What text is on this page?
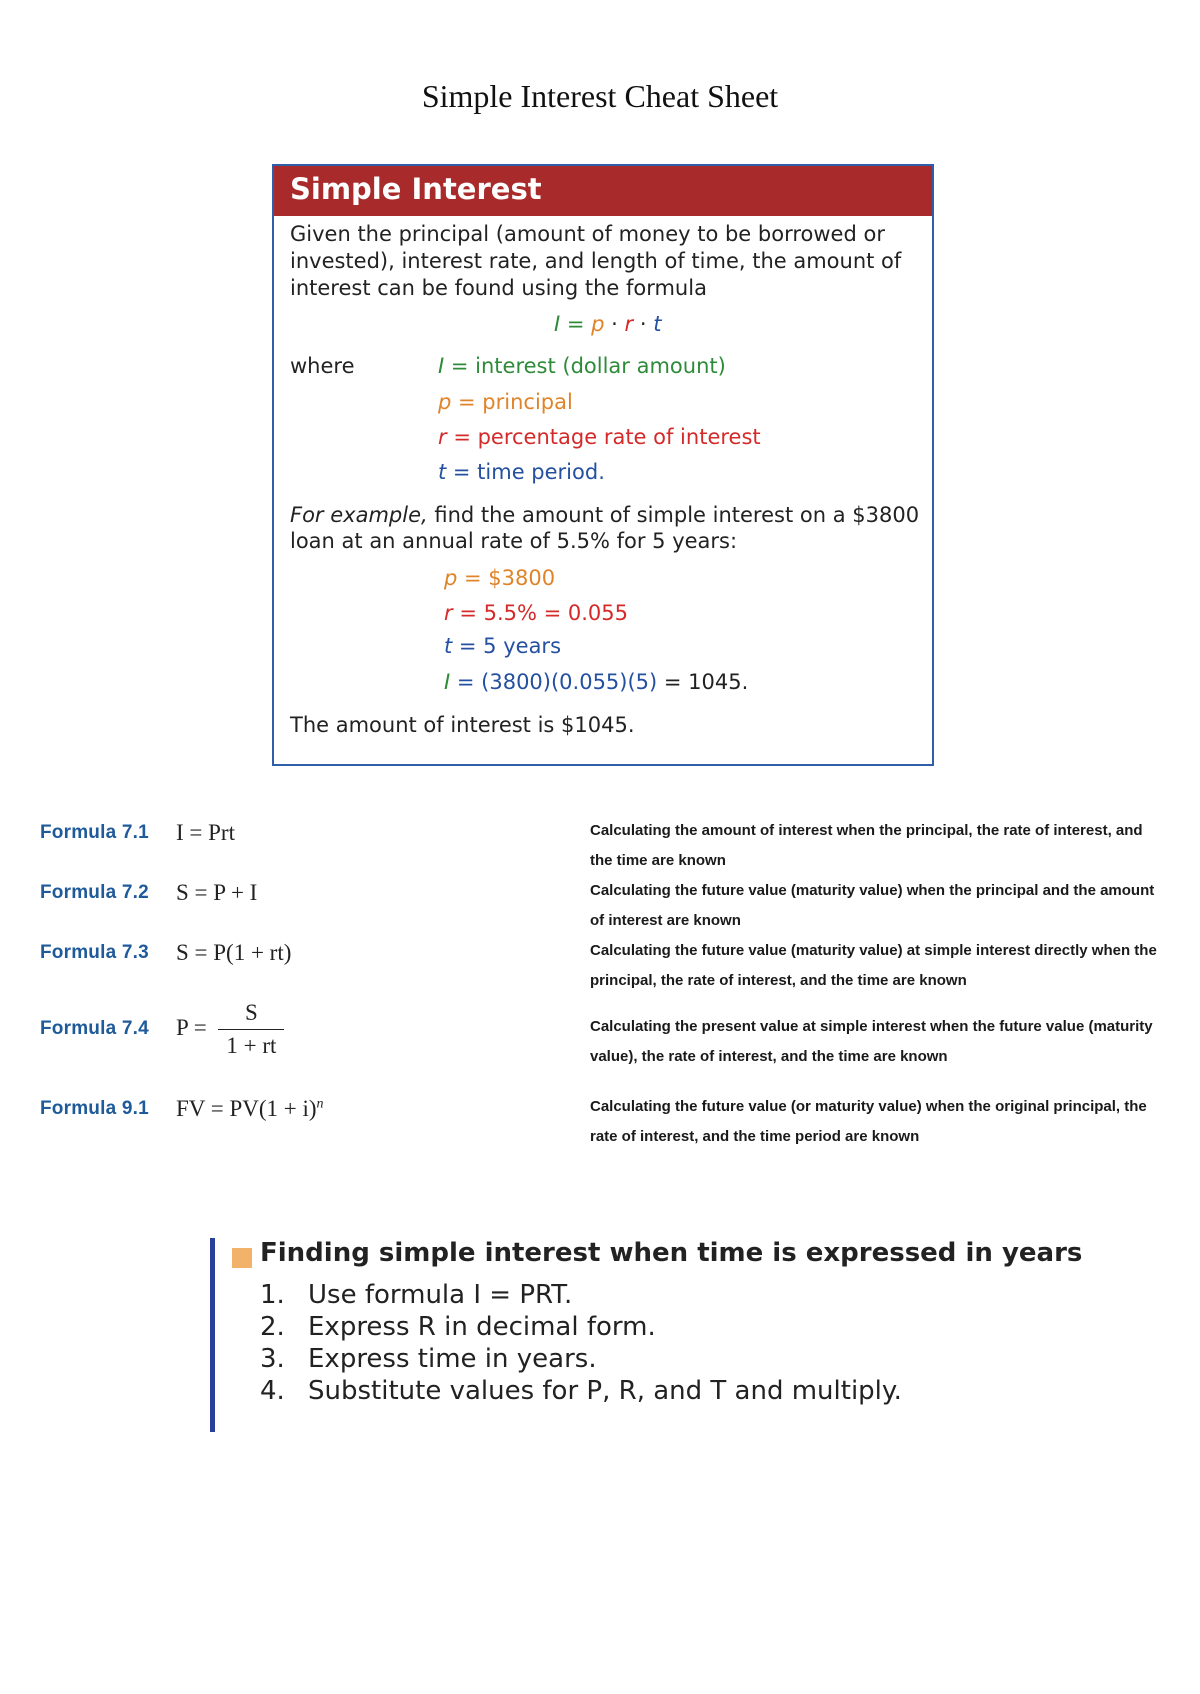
Simple Interest Cheat Sheet
Simple Interest
Given the principal (amount of money to be borrowed or
invested), interest rate, and length of time, the amount of
interest can be found using the formula
I = p · r · t
where	I = interest (dollar amount)
p = principal
r = percentage rate of interest
t = time period.
For example, find the amount of simple interest on a $3800
loan at an annual rate of 5.5% for 5 years:
p = $3800
r = 5.5% = 0.055
t = 5 years
I = (3800)(0.055)(5) = 1045.
The amount of interest is $1045.
Formula 7.1 I = Prt	Calculating the amount of interest when the principal, the rate of interest, and the time are known
Formula 7.2 S = P + I	Calculating the future value (maturity value) when the principal and the amount of interest are known
Formula 7.3 S = P(1 + rt)	Calculating the future value (maturity value) at simple interest directly when the principal, the rate of interest, and the time are known
Formula 7.4 $P = \frac{S}{1 + rt}$	Calculating the present value at simple interest when the future value (maturity value), the rate of interest, and the time are known
Formula 9.1 FV = $PV(1 + i)^n$	Calculating the future value (or maturity value) when the original principal, the rate of interest, and the time period are known
Finding simple interest when time is expressed in years
1. Use formula I = PRT.
2. Express R in decimal form.
3. Express time in years.
4. Substitute values for P, R, and T and multiply.
